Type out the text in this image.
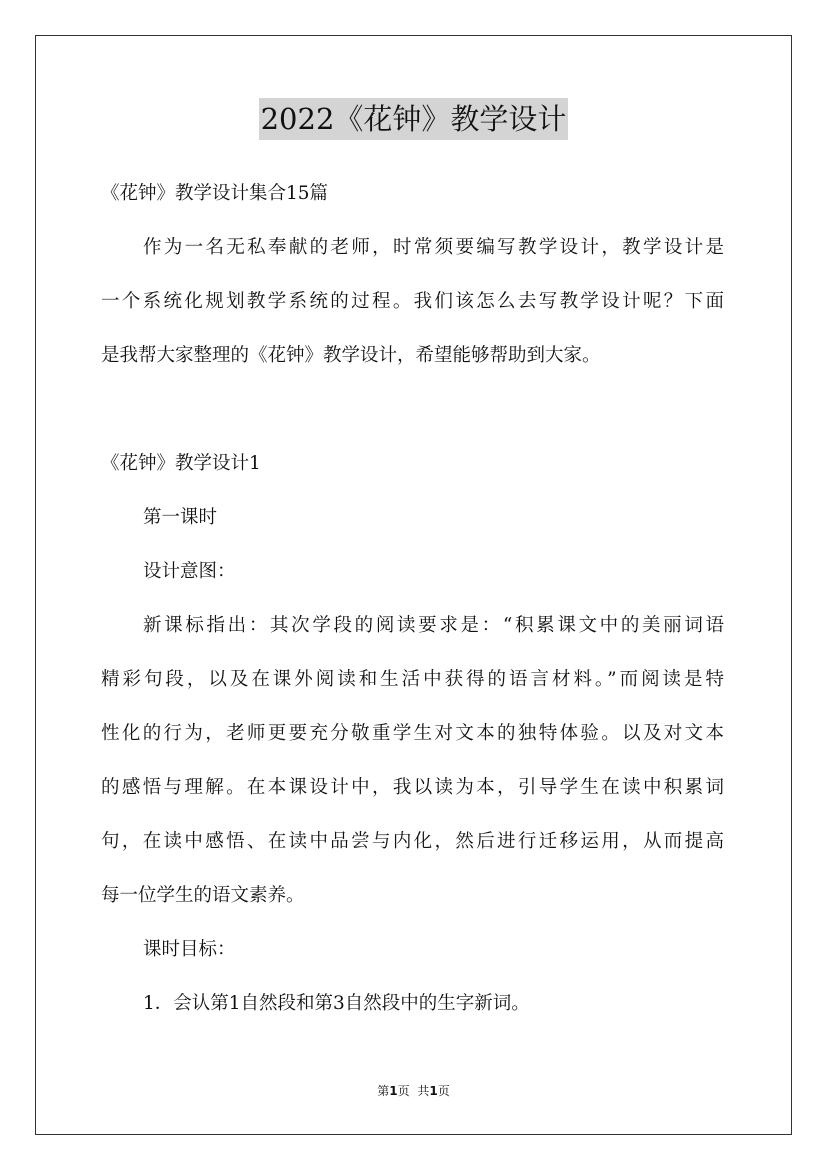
2022《花钟》教学设计
《花钟》教学设计集合15篇
作为一名无私奉献的老师，时常须要编写教学设计，教学设计是
一个系统化规划教学系统的过程。我们该怎么去写教学设计呢？下面
是我帮大家整理的《花钟》教学设计，希望能够帮助到大家。
《花钟》教学设计1
第一课时
设计意图：
新课标指出：其次学段的阅读要求是：“积累课文中的美丽词语
精彩句段，以及在课外阅读和生活中获得的语言材料。”而阅读是特
性化的行为，老师更要充分敬重学生对文本的独特体验。以及对文本
的感悟与理解。在本课设计中，我以读为本，引导学生在读中积累词
句，在读中感悟、在读中品尝与内化，然后进行迁移运用，从而提高
每一位学生的语文素养。
课时目标：
1．会认第1自然段和第3自然段中的生字新词。
第1页 共1页
